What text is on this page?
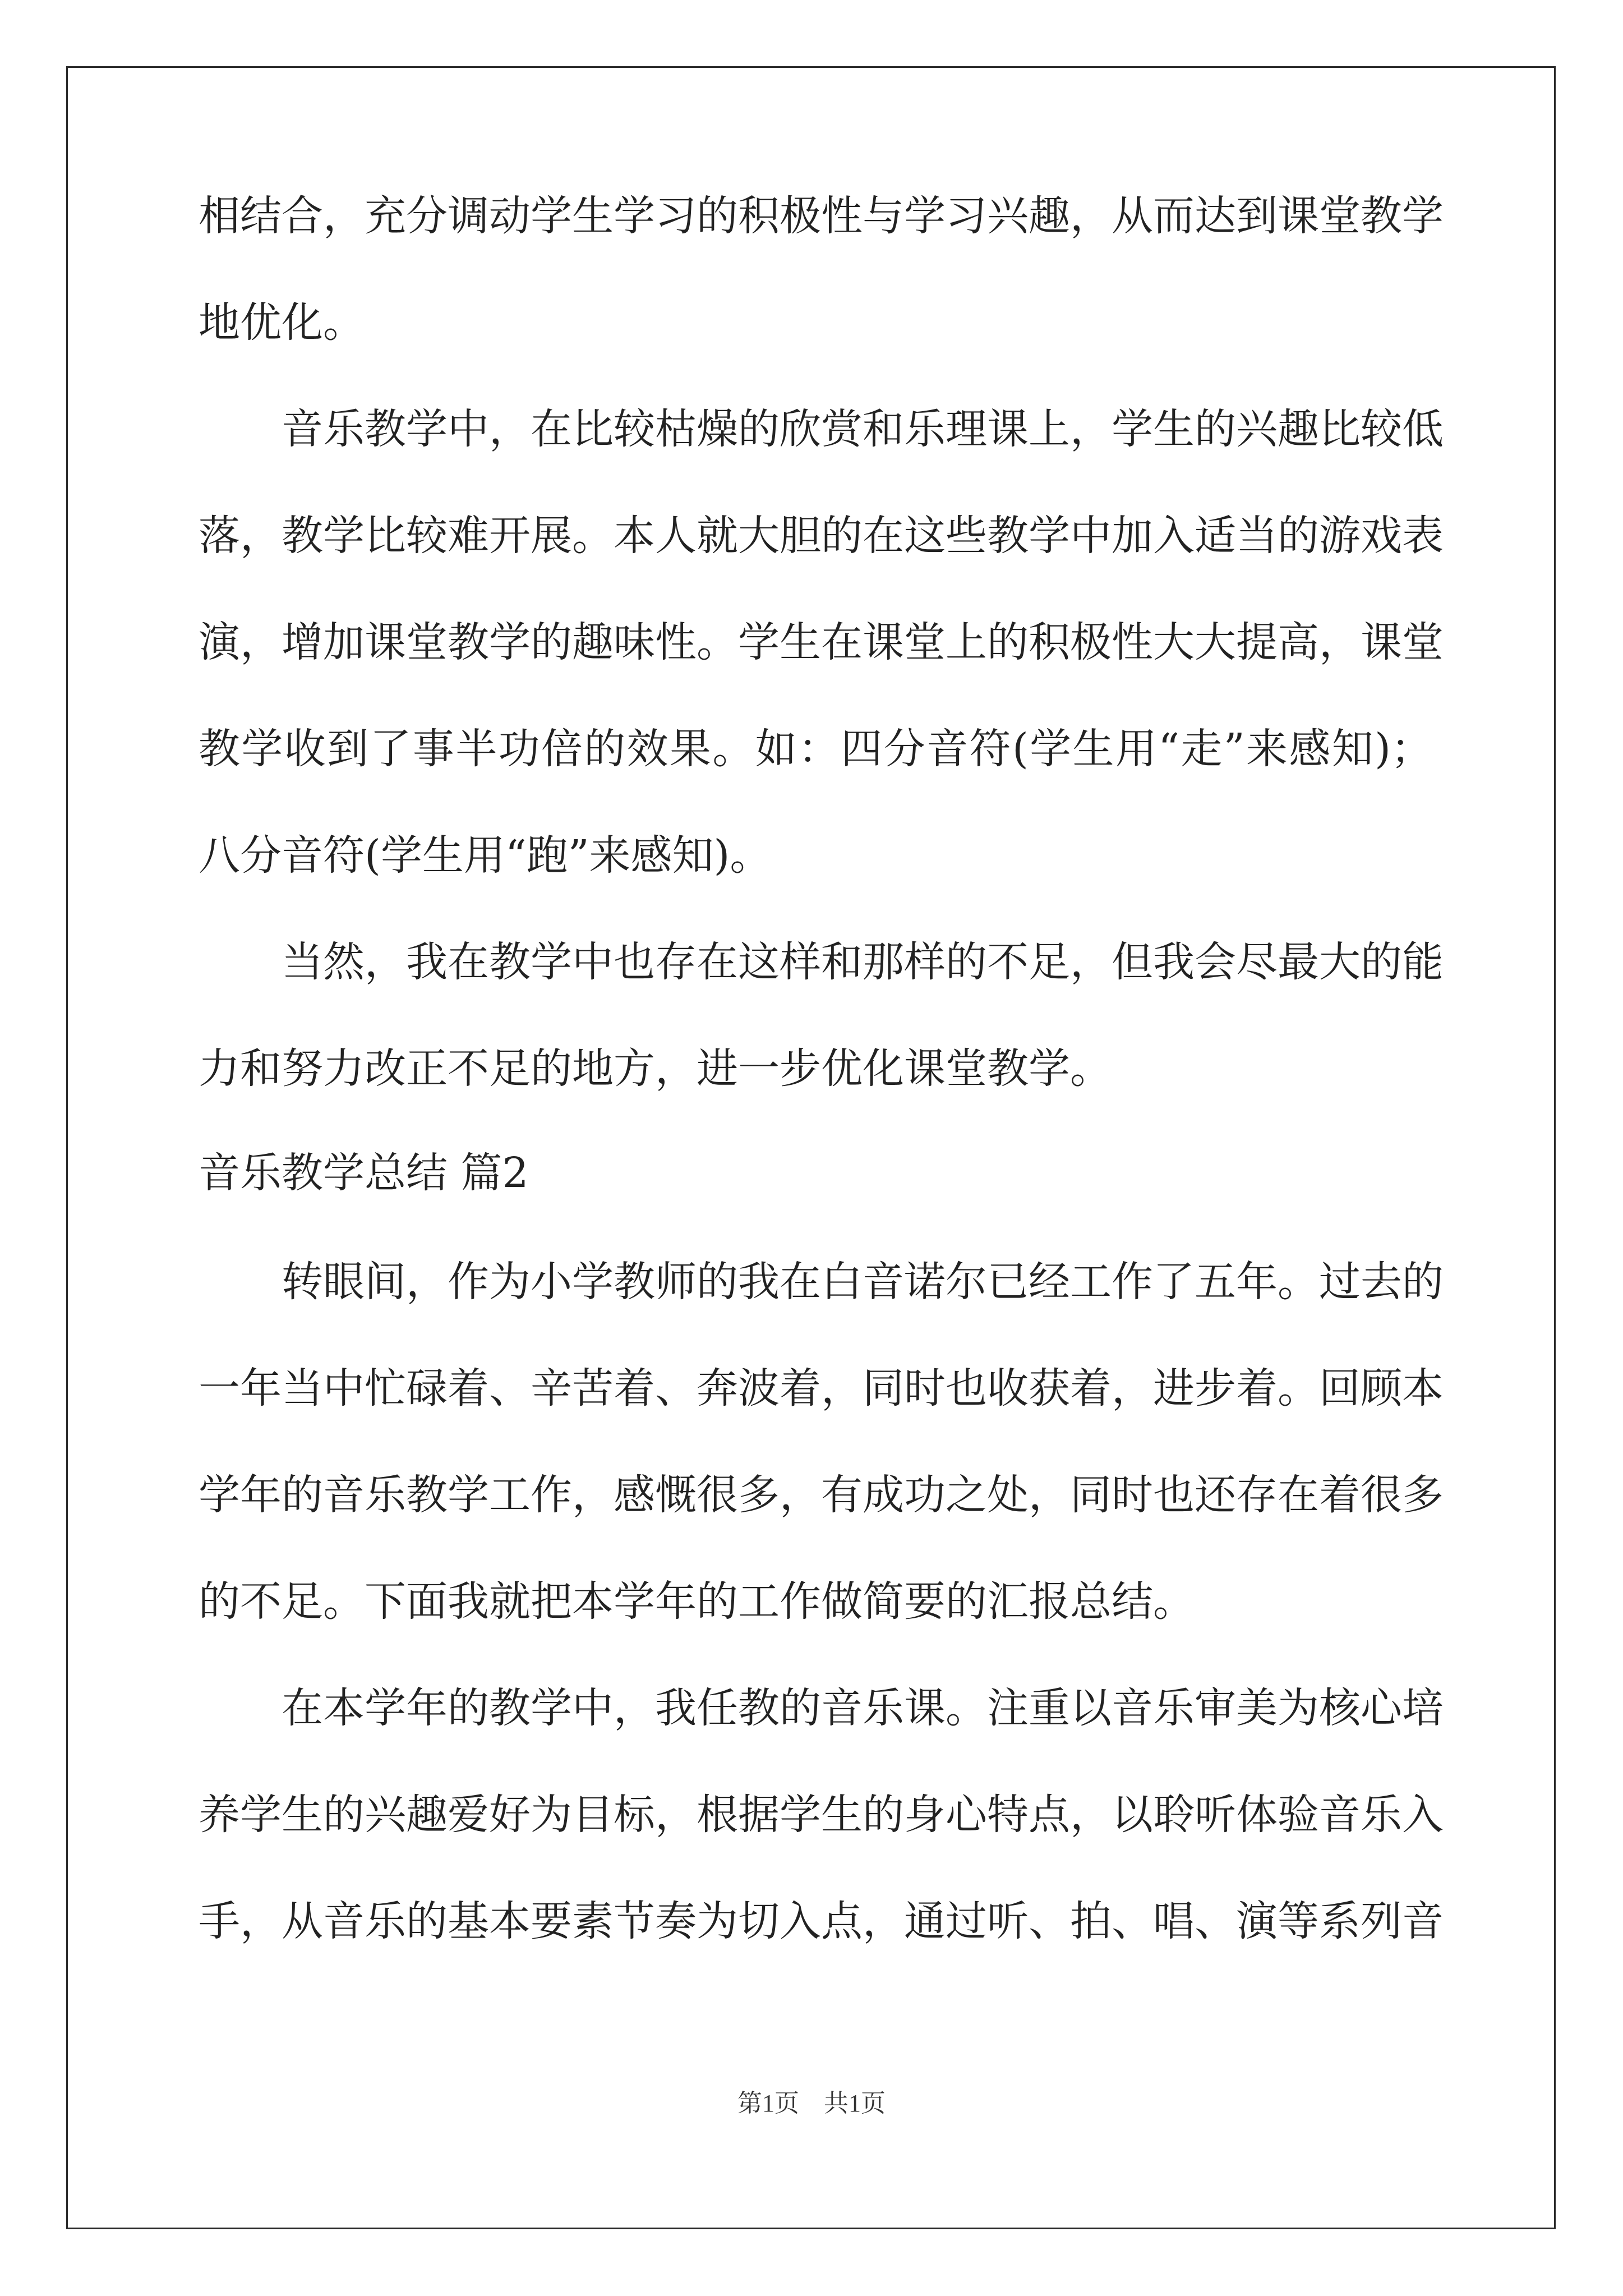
相结合，充分调动学生学习的积极性与学习兴趣，从而达到课堂教学
地优化。
音乐教学中，在比较枯燥的欣赏和乐理课上，学生的兴趣比较低
落，教学比较难开展。本人就大胆的在这些教学中加入适当的游戏表
演，增加课堂教学的趣味性。学生在课堂上的积极性大大提高，课堂
教学收到了事半功倍的效果。如：四分音符(学生用“走”来感知)；
八分音符(学生用“跑”来感知)。
当然，我在教学中也存在这样和那样的不足，但我会尽最大的能
力和努力改正不足的地方，进一步优化课堂教学。
音乐教学总结 篇2
转眼间，作为小学教师的我在白音诺尔已经工作了五年。过去的
一年当中忙碌着、辛苦着、奔波着，同时也收获着，进步着。回顾本
学年的音乐教学工作，感慨很多，有成功之处，同时也还存在着很多
的不足。下面我就把本学年的工作做简要的汇报总结。
在本学年的教学中，我任教的音乐课。注重以音乐审美为核心培
养学生的兴趣爱好为目标，根据学生的身心特点，以聆听体验音乐入
手，从音乐的基本要素节奏为切入点，通过听、拍、唱、演等系列音
第1页　共1页
